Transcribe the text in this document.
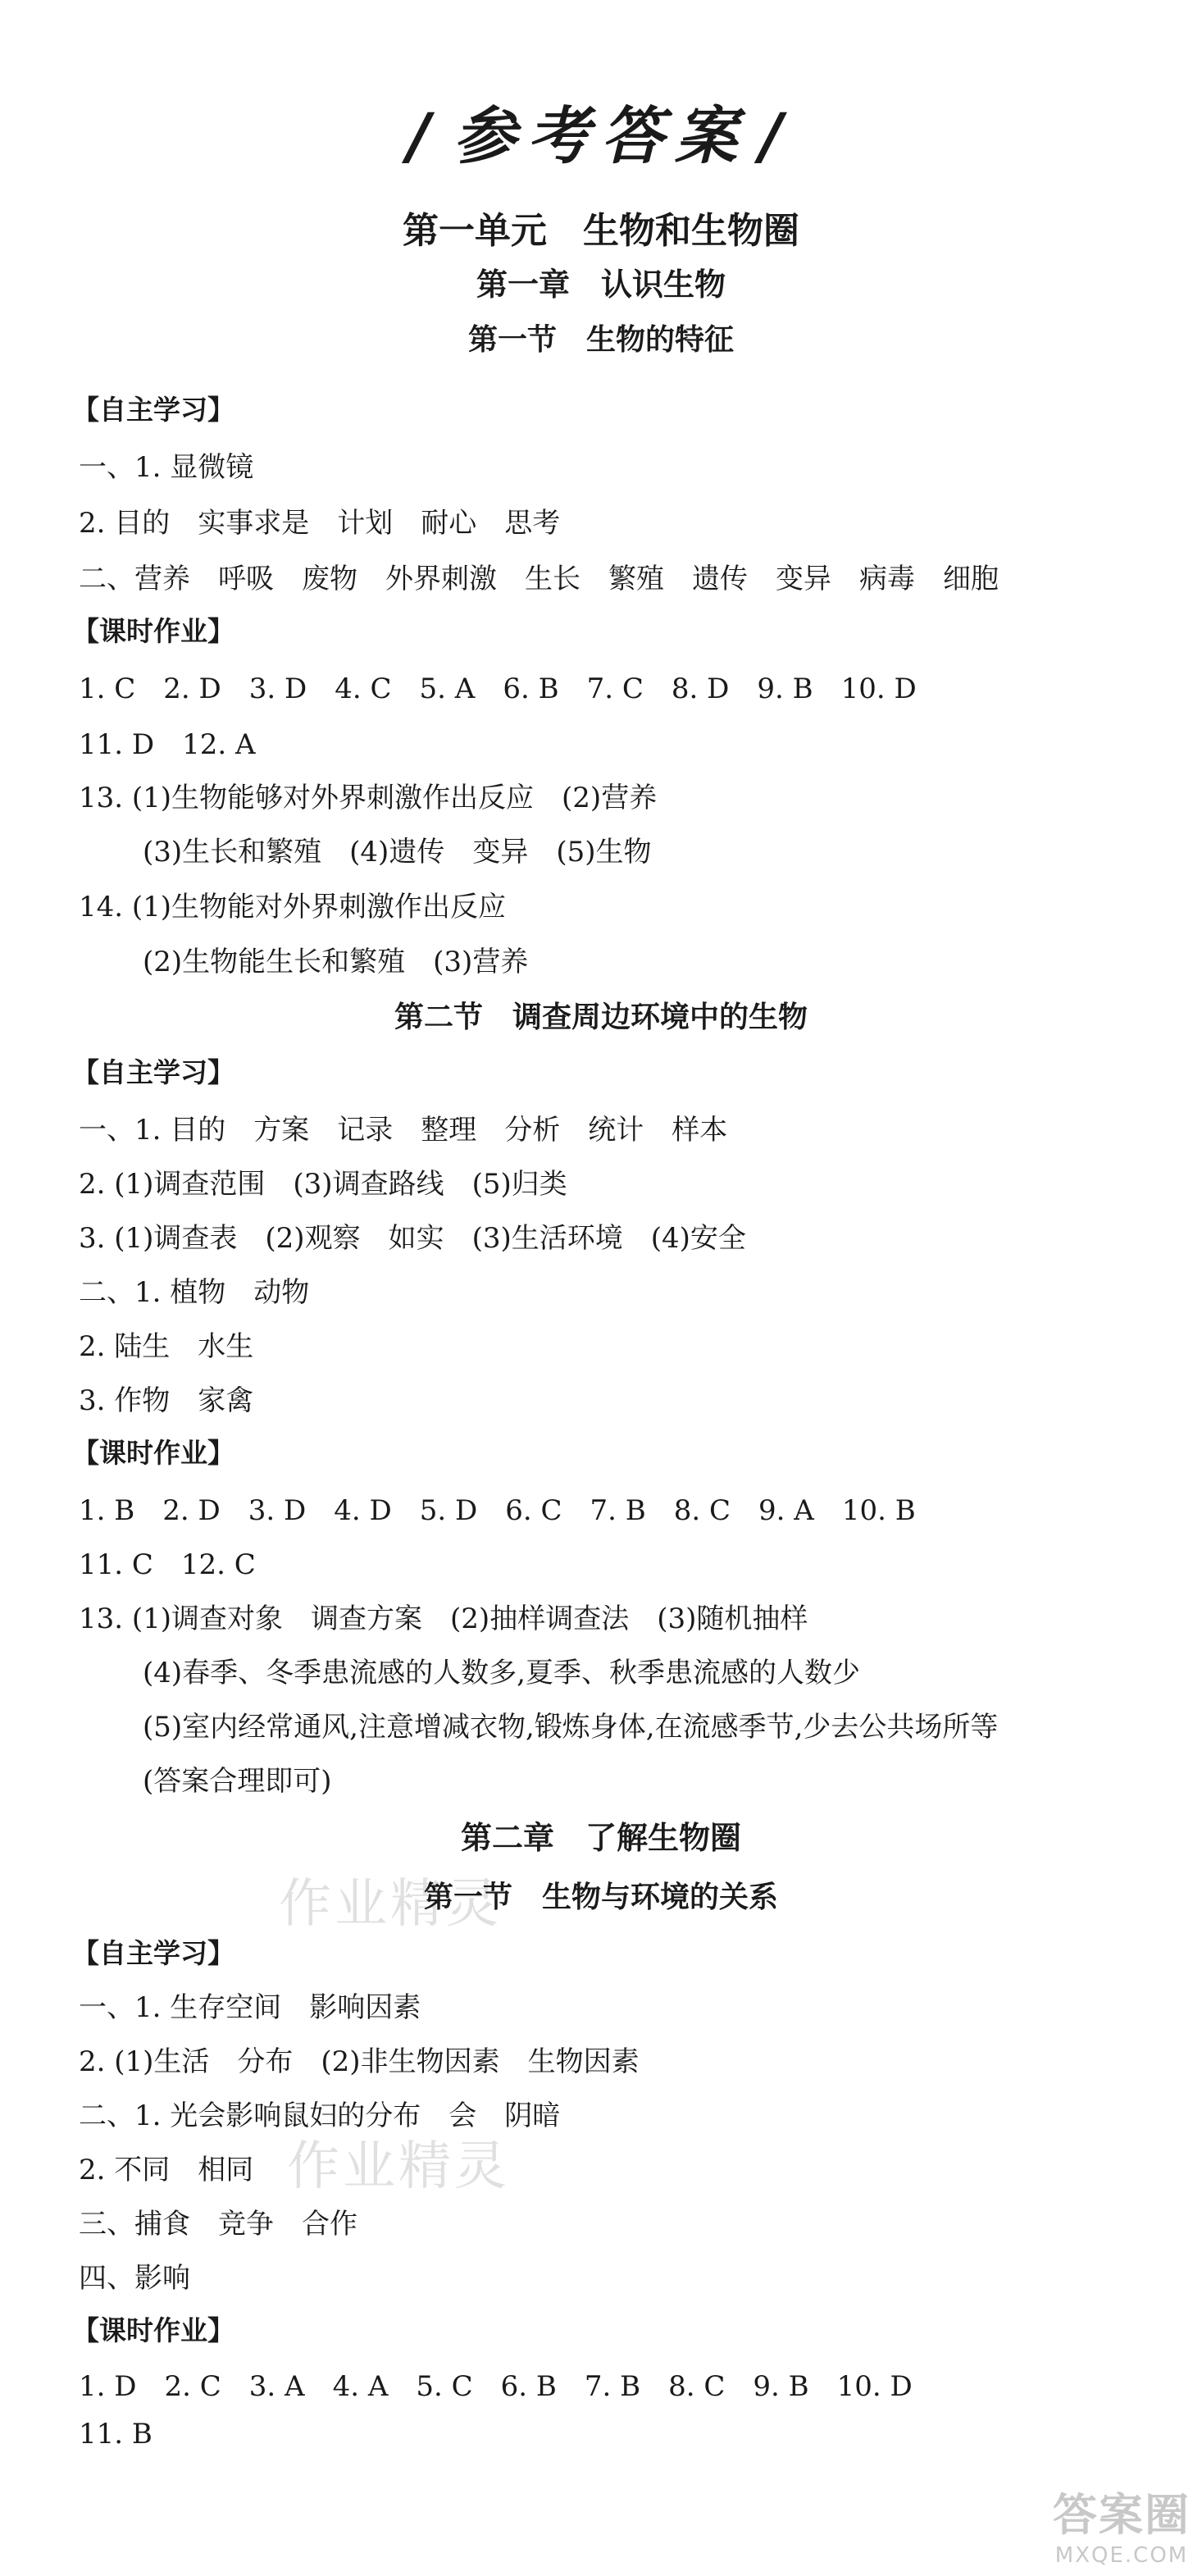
/ 参考答案 /
第一单元　生物和生物圈
第一章　认识生物
第一节　生物的特征
【自主学习】
一、1. 显微镜
2. 目的　实事求是　计划　耐心　思考
二、营养　呼吸　废物　外界刺激　生长　繁殖　遗传　变异　病毒　细胞
【课时作业】
1. C　2. D　3. D　4. C　5. A　6. B　7. C　8. D　9. B　10. D
11. D　12. A
13. (1)生物能够对外界刺激作出反应　(2)营养
(3)生长和繁殖　(4)遗传　变异　(5)生物
14. (1)生物能对外界刺激作出反应
(2)生物能生长和繁殖　(3)营养
第二节　调查周边环境中的生物
【自主学习】
一、1. 目的　方案　记录　整理　分析　统计　样本
2. (1)调查范围　(3)调查路线　(5)归类
3. (1)调查表　(2)观察　如实　(3)生活环境　(4)安全
二、1. 植物　动物
2. 陆生　水生
3. 作物　家禽
【课时作业】
1. B　2. D　3. D　4. D　5. D　6. C　7. B　8. C　9. A　10. B
11. C　12. C
13. (1)调查对象　调查方案　(2)抽样调查法　(3)随机抽样
(4)春季、冬季患流感的人数多,夏季、秋季患流感的人数少
(5)室内经常通风,注意增减衣物,锻炼身体,在流感季节,少去公共场所等
(答案合理即可)
作业精灵
作业精灵
第二章　了解生物圈
第一节　生物与环境的关系
【自主学习】
一、1. 生存空间　影响因素
2. (1)生活　分布　(2)非生物因素　生物因素
二、1. 光会影响鼠妇的分布　会　阴暗
2. 不同　相同
三、捕食　竞争　合作
四、影响
【课时作业】
1. D　2. C　3. A　4. A　5. C　6. B　7. B　8. C　9. B　10. D
11. B
答案圈
MXQE.COM
